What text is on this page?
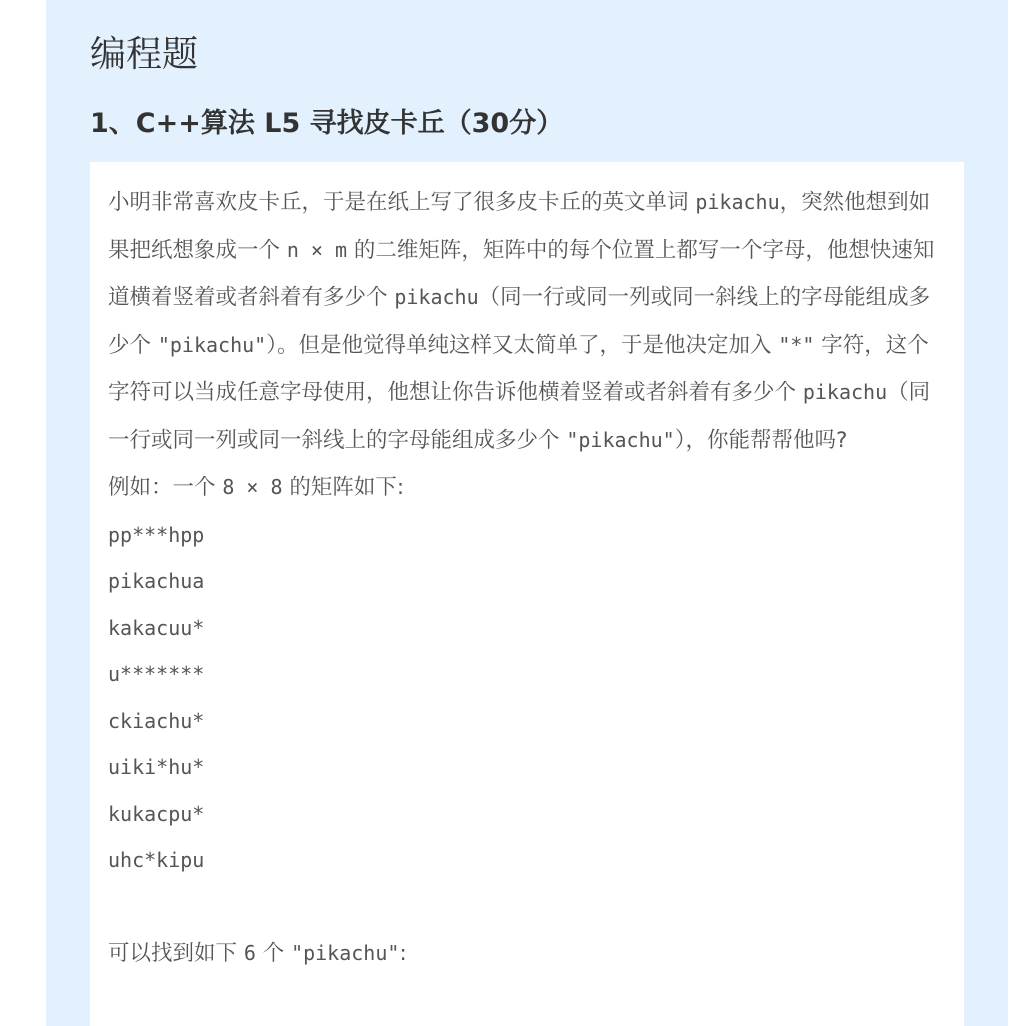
编程题
1、C++算法 L5 寻找皮卡丘（30分）

小明非常喜欢皮卡丘，于是在纸上写了很多皮卡丘的英文单词 pikachu，突然他想到如果把纸想象成一个 n × m 的二维矩阵，矩阵中的每个位置上都写一个字母，他想快速知道横着竖着或者斜着有多少个 pikachu（同一行或同一列或同一斜线上的字母能组成多少个 "pikachu"）。但是他觉得单纯这样又太简单了，于是他决定加入 "*" 字符，这个字符可以当成任意字母使用，他想让你告诉他横着竖着或者斜着有多少个 pikachu（同一行或同一列或同一斜线上的字母能组成多少个 "pikachu"），你能帮帮他吗?

例如：一个 8 × 8 的矩阵如下:

pp***hpp
pikachua
kakacuu*
u*******
ckiachu*
uiki*hu*
kukacpu*
uhc*kipu

可以找到如下 6 个 "pikachu":
